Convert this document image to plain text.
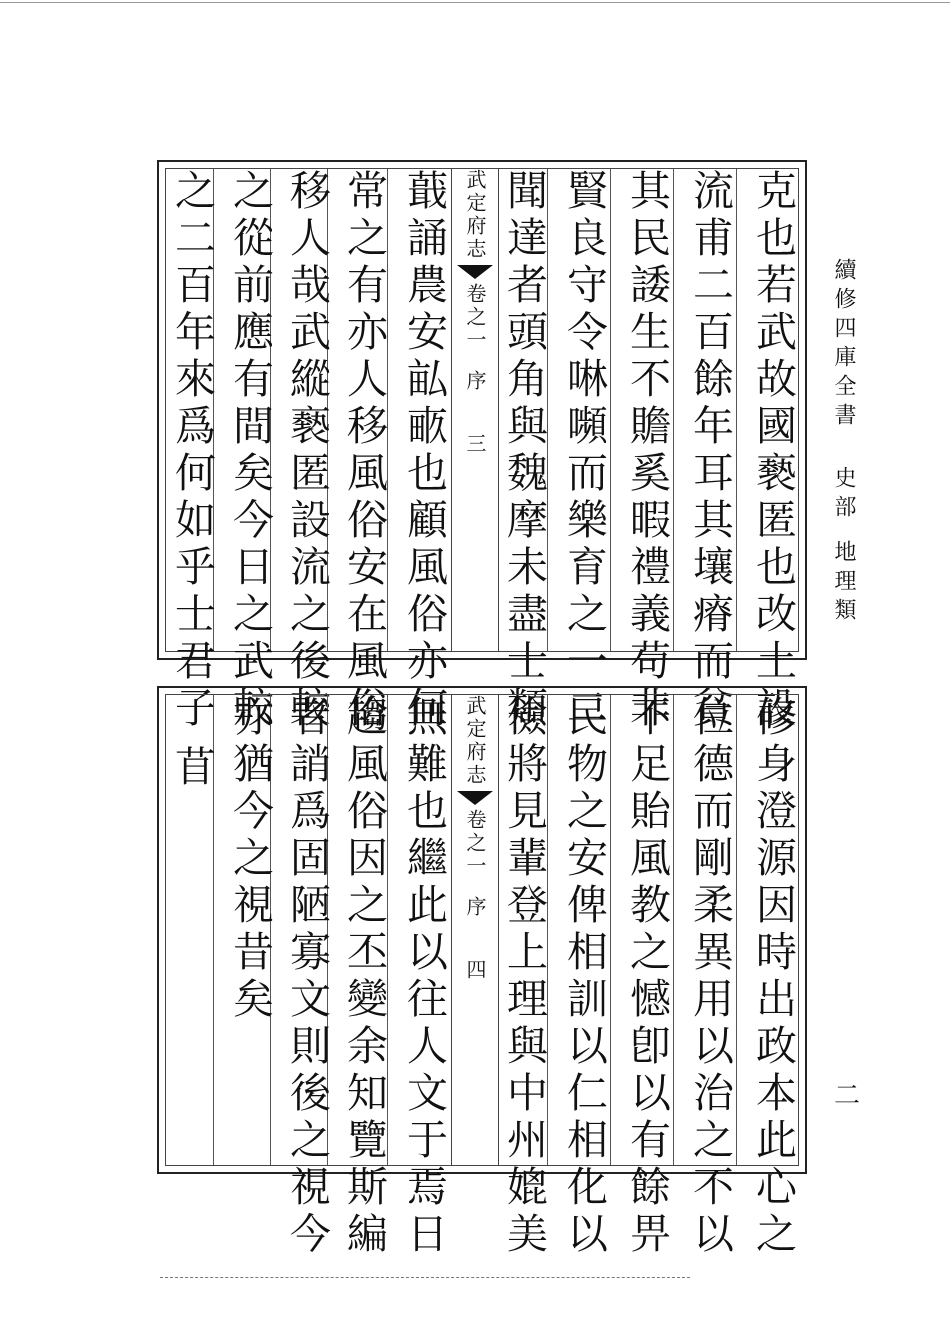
克也若武故國褻匿也改土設
流甫二百餘年耳其壤瘠而貧
其民諉生不贍奚暇禮義苟非
賢良守令啉嚬而樂育之一二
聞達者頭角與魏摩未盡士類
武定府志
卷之一
序
三
蕺誦農安畆畞也顧風俗亦何
常之有亦人移風俗安在風俗
移人哉武縱褻匿設流之後較
之從前應有間矣今日之武較
之二百年來爲何如乎士君子
修身澄源因時出政本此心之
位德而剛柔異用以治之不以
不足貽風教之憾卽以有餘畀
民物之安俾相訓以仁相化以
儉將見輩登上理與中州媲美
武定府志
卷之一
序
四
無難也繼此以往人文于焉日
趨風俗因之丕變余知覽斯編
者誚爲固陋寡文則後之視今
亦猶今之視昔矣
苜
續修四庫全書史部地理類
二
